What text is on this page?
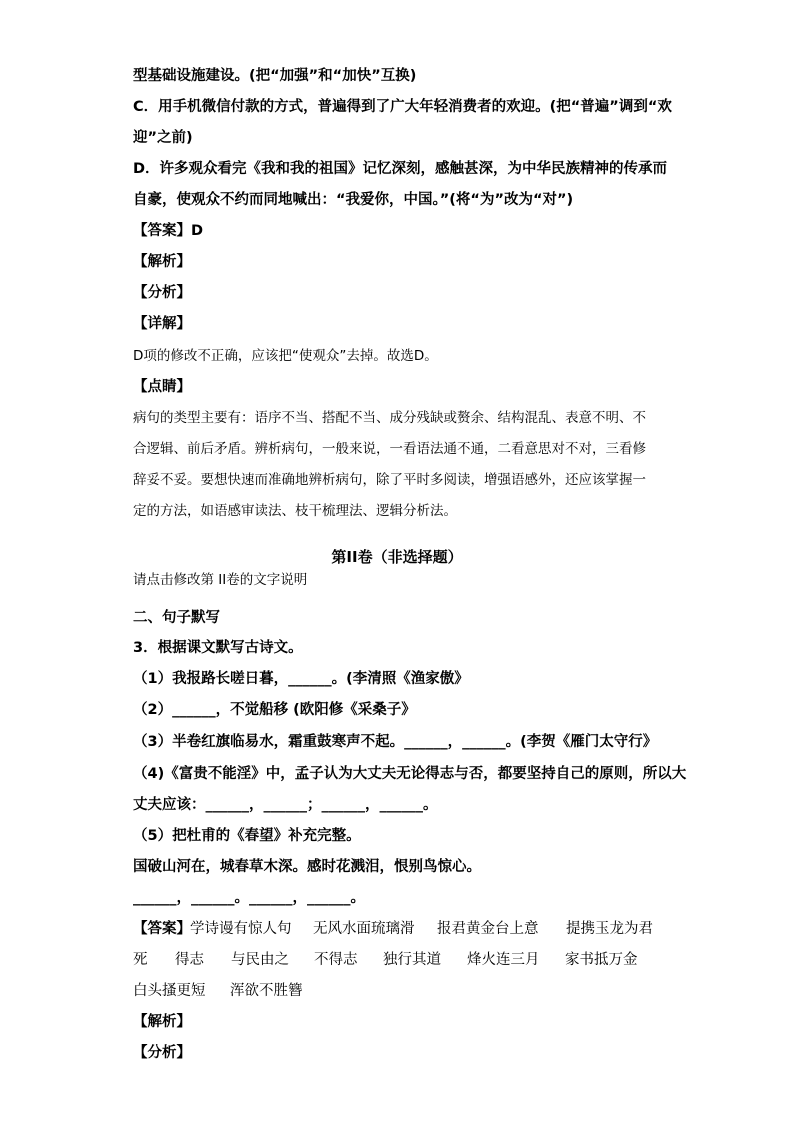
型基础设施建设。(把“加强”和“加快”互换)
C．用手机微信付款的方式，普遍得到了广大年轻消费者的欢迎。(把“普遍”调到“欢
迎”之前)
D．许多观众看完《我和我的祖国》记忆深刻，感触甚深，为中华民族精神的传承而
自豪，使观众不约而同地喊出：“我爱你，中国。”(将“为”改为“对”)
【答案】D
【解析】
【分析】
【详解】
D项的修改不正确，应该把“使观众”去掉。故选D。
【点睛】
病句的类型主要有：语序不当、搭配不当、成分残缺或赘余、结构混乱、表意不明、不
合逻辑、前后矛盾。辨析病句，一般来说，一看语法通不通，二看意思对不对，三看修
辞妥不妥。要想快速而准确地辨析病句，除了平时多阅读，增强语感外，还应该掌握一
定的方法，如语感审读法、枝干梳理法、逻辑分析法。
第II卷（非选择题）
请点击修改第 II卷的文字说明
二、句子默写
3．根据课文默写古诗文。
（1）我报路长嗟日暮，______。(李清照《渔家傲》
（2）______，不觉船移 (欧阳修《采桑子》
（3）半卷红旗临易水，霜重鼓寒声不起。______，______。(李贺《雁门太守行》
（4)《富贵不能淫》中，孟子认为大丈夫无论得志与否，都要坚持自己的原则，所以大
丈夫应该：______，______；______，______。
（5）把杜甫的《春望》补充完整。
国破山河在，城春草木深。感时花溅泪，恨别鸟惊心。
______，______。______，______。
【答案】 学诗谩有惊人句 无风水面琉璃滑 报君黄金台上意 提携玉龙为君
死 得志 与民由之 不得志 独行其道 烽火连三月 家书抵万金
白头搔更短 浑欲不胜簪
【解析】
【分析】
